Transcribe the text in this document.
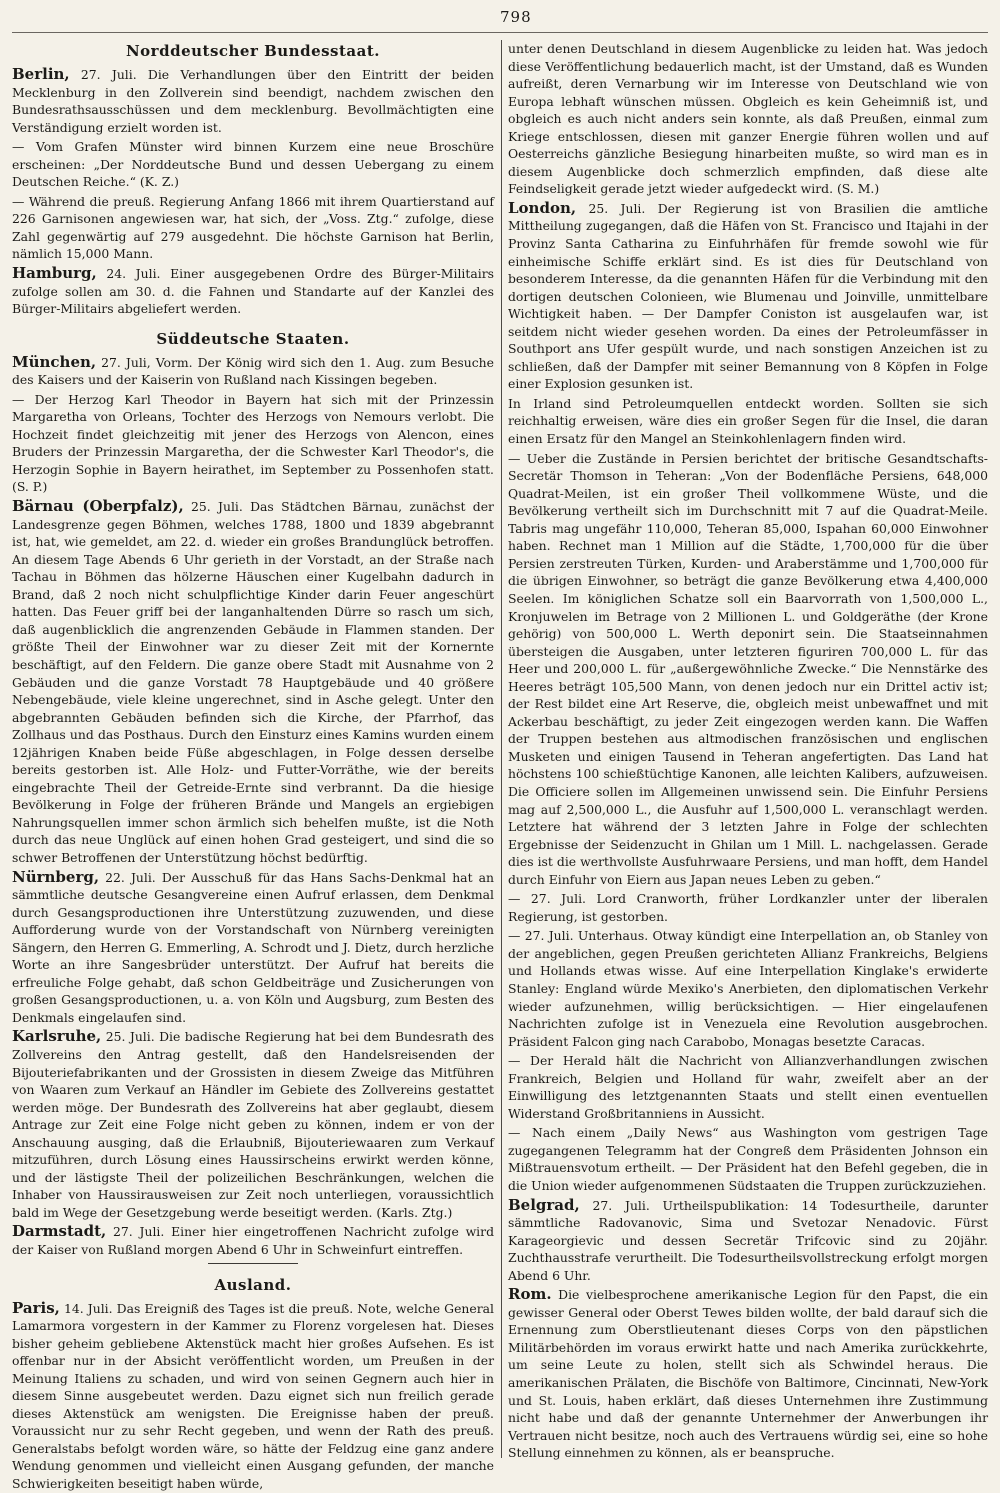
798
Norddeutscher Bundesstaat.

Berlin, 27. Juli. Die Verhandlungen über den Eintritt der beiden Mecklenburg in den Zollverein sind beendigt, nachdem zwischen den Bundesrathsausschüssen und dem mecklenburg. Bevollmächtigten eine Verständigung erzielt worden ist.

— Vom Grafen Münster wird binnen Kurzem eine neue Broschüre erscheinen: „Der Norddeutsche Bund und dessen Uebergang zu einem Deutschen Reiche.“ (K. Z.)

— Während die preuß. Regierung Anfang 1866 mit ihrem Quartierstand auf 226 Garnisonen angewiesen war, hat sich, der „Voss. Ztg.“ zufolge, diese Zahl gegenwärtig auf 279 ausgedehnt. Die höchste Garnison hat Berlin, nämlich 15,000 Mann.

Hamburg, 24. Juli. Einer ausgegebenen Ordre des Bürger-Militairs zufolge sollen am 30. d. die Fahnen und Standarte auf der Kanzlei des Bürger-Militairs abgeliefert werden.

Süddeutsche Staaten.

München, 27. Juli, Vorm. Der König wird sich den 1. Aug. zum Besuche des Kaisers und der Kaiserin von Rußland nach Kissingen begeben.

— Der Herzog Karl Theodor in Bayern hat sich mit der Prinzessin Margaretha von Orleans, Tochter des Herzogs von Nemours verlobt. Die Hochzeit findet gleichzeitig mit jener des Herzogs von Alencon, eines Bruders der Prinzessin Margaretha, der die Schwester Karl Theodor's, die Herzogin Sophie in Bayern heirathet, im September zu Possenhofen statt. (S. P.)

Bärnau (Oberpfalz), 25. Juli. Das Städtchen Bärnau, zunächst der Landesgrenze gegen Böhmen, welches 1788, 1800 und 1839 abgebrannt ist, hat, wie gemeldet, am 22. d. wieder ein großes Brandunglück betroffen. An diesem Tage Abends 6 Uhr gerieth in der Vorstadt, an der Straße nach Tachau in Böhmen das hölzerne Häuschen einer Kugelbahn dadurch in Brand, daß 2 noch nicht schulpflichtige Kinder darin Feuer angeschürt hatten. Das Feuer griff bei der langanhaltenden Dürre so rasch um sich, daß augenblicklich die angrenzenden Gebäude in Flammen standen. Der größte Theil der Einwohner war zu dieser Zeit mit der Kornernte beschäftigt, auf den Feldern. Die ganze obere Stadt mit Ausnahme von 2 Gebäuden und die ganze Vorstadt 78 Hauptgebäude und 40 größere Nebengebäude, viele kleine ungerechnet, sind in Asche gelegt. Unter den abgebrannten Gebäuden befinden sich die Kirche, der Pfarrhof, das Zollhaus und das Posthaus. Durch den Einsturz eines Kamins wurden einem 12jährigen Knaben beide Füße abgeschlagen, in Folge dessen derselbe bereits gestorben ist. Alle Holz- und Futter-Vorräthe, wie der bereits eingebrachte Theil der Getreide-Ernte sind verbrannt. Da die hiesige Bevölkerung in Folge der früheren Brände und Mangels an ergiebigen Nahrungsquellen immer schon ärmlich sich behelfen mußte, ist die Noth durch das neue Unglück auf einen hohen Grad gesteigert, und sind die so schwer Betroffenen der Unterstützung höchst bedürftig.

Nürnberg, 22. Juli. Der Ausschuß für das Hans Sachs-Denkmal hat an sämmtliche deutsche Gesangvereine einen Aufruf erlassen, dem Denkmal durch Gesangsproductionen ihre Unterstützung zuzuwenden, und diese Aufforderung wurde von der Vorstandschaft von Nürnberg vereinigten Sängern, den Herren G. Emmerling, A. Schrodt und J. Dietz, durch herzliche Worte an ihre Sangesbrüder unterstützt. Der Aufruf hat bereits die erfreuliche Folge gehabt, daß schon Geldbeiträge und Zusicherungen von großen Gesangsproductionen, u. a. von Köln und Augsburg, zum Besten des Denkmals eingelaufen sind.

Karlsruhe, 25. Juli. Die badische Regierung hat bei dem Bundesrath des Zollvereins den Antrag gestellt, daß den Handelsreisenden der Bijouteriefabrikanten und der Grossisten in diesem Zweige das Mitführen von Waaren zum Verkauf an Händler im Gebiete des Zollvereins gestattet werden möge. Der Bundesrath des Zollvereins hat aber geglaubt, diesem Antrage zur Zeit eine Folge nicht geben zu können, indem er von der Anschauung ausging, daß die Erlaubniß, Bijouteriewaaren zum Verkauf mitzuführen, durch Lösung eines Haussirscheins erwirkt werden könne, und der lästigste Theil der polizeilichen Beschränkungen, welchen die Inhaber von Haussirausweisen zur Zeit noch unterliegen, voraussichtlich bald im Wege der Gesetzgebung werde beseitigt werden. (Karls. Ztg.)

Darmstadt, 27. Juli. Einer hier eingetroffenen Nachricht zufolge wird der Kaiser von Rußland morgen Abend 6 Uhr in Schweinfurt eintreffen.

Ausland.

Paris, 14. Juli. Das Ereigniß des Tages ist die preuß. Note, welche General Lamarmora vorgestern in der Kammer zu Florenz vorgelesen hat. Dieses bisher geheim gebliebene Aktenstück macht hier großes Aufsehen. Es ist offenbar nur in der Absicht veröffentlicht worden, um Preußen in der Meinung Italiens zu schaden, und wird von seinen Gegnern auch hier in diesem Sinne ausgebeutet werden. Dazu eignet sich nun freilich gerade dieses Aktenstück am wenigsten. Die Ereignisse haben der preuß. Voraussicht nur zu sehr Recht gegeben, und wenn der Rath des preuß. Generalstabs befolgt worden wäre, so hätte der Feldzug eine ganz andere Wendung genommen und vielleicht einen Ausgang gefunden, der manche Schwierigkeiten beseitigt haben würde,

unter denen Deutschland in diesem Augenblicke zu leiden hat. Was jedoch diese Veröffentlichung bedauerlich macht, ist der Umstand, daß es Wunden aufreißt, deren Vernarbung wir im Interesse von Deutschland wie von Europa lebhaft wünschen müssen. Obgleich es kein Geheimniß ist, und obgleich es auch nicht anders sein konnte, als daß Preußen, einmal zum Kriege entschlossen, diesen mit ganzer Energie führen wollen und auf Oesterreichs gänzliche Besiegung hinarbeiten mußte, so wird man es in diesem Augenblicke doch schmerzlich empfinden, daß diese alte Feindseligkeit gerade jetzt wieder aufgedeckt wird. (S. M.)

London, 25. Juli. Der Regierung ist von Brasilien die amtliche Mittheilung zugegangen, daß die Häfen von St. Francisco und Itajahi in der Provinz Santa Catharina zu Einfuhrhäfen für fremde sowohl wie für einheimische Schiffe erklärt sind. Es ist dies für Deutschland von besonderem Interesse, da die genannten Häfen für die Verbindung mit den dortigen deutschen Colonieen, wie Blumenau und Joinville, unmittelbare Wichtigkeit haben. — Der Dampfer Coniston ist ausgelaufen war, ist seitdem nicht wieder gesehen worden. Da eines der Petroleumfässer in Southport ans Ufer gespült wurde, und nach sonstigen Anzeichen ist zu schließen, daß der Dampfer mit seiner Bemannung von 8 Köpfen in Folge einer Explosion gesunken ist.

In Irland sind Petroleumquellen entdeckt worden. Sollten sie sich reichhaltig erweisen, wäre dies ein großer Segen für die Insel, die daran einen Ersatz für den Mangel an Steinkohlenlagern finden wird.

— Ueber die Zustände in Persien berichtet der britische Gesandtschafts-Secretär Thomson in Teheran: „Von der Bodenfläche Persiens, 648,000 Quadrat-Meilen, ist ein großer Theil vollkommene Wüste, und die Bevölkerung vertheilt sich im Durchschnitt mit 7 auf die Quadrat-Meile. Tabris mag ungefähr 110,000, Teheran 85,000, Ispahan 60,000 Einwohner haben. Rechnet man 1 Million auf die Städte, 1,700,000 für die über Persien zerstreuten Türken, Kurden- und Araberstämme und 1,700,000 für die übrigen Einwohner, so beträgt die ganze Bevölkerung etwa 4,400,000 Seelen. Im königlichen Schatze soll ein Baarvorrath von 1,500,000 L., Kronjuwelen im Betrage von 2 Millionen L. und Goldgeräthe (der Krone gehörig) von 500,000 L. Werth deponirt sein. Die Staatseinnahmen übersteigen die Ausgaben, unter letzteren figuriren 700,000 L. für das Heer und 200,000 L. für „außergewöhnliche Zwecke.“ Die Nennstärke des Heeres beträgt 105,500 Mann, von denen jedoch nur ein Drittel activ ist; der Rest bildet eine Art Reserve, die, obgleich meist unbewaffnet und mit Ackerbau beschäftigt, zu jeder Zeit eingezogen werden kann. Die Waffen der Truppen bestehen aus altmodischen französischen und englischen Musketen und einigen Tausend in Teheran angefertigten. Das Land hat höchstens 100 schießtüchtige Kanonen, alle leichten Kalibers, aufzuweisen. Die Officiere sollen im Allgemeinen unwissend sein. Die Einfuhr Persiens mag auf 2,500,000 L., die Ausfuhr auf 1,500,000 L. veranschlagt werden. Letztere hat während der 3 letzten Jahre in Folge der schlechten Ergebnisse der Seidenzucht in Ghilan um 1 Mill. L. nachgelassen. Gerade dies ist die werthvollste Ausfuhrwaare Persiens, und man hofft, dem Handel durch Einfuhr von Eiern aus Japan neues Leben zu geben.“

— 27. Juli. Lord Cranworth, früher Lordkanzler unter der liberalen Regierung, ist gestorben.

— 27. Juli. Unterhaus. Otway kündigt eine Interpellation an, ob Stanley von der angeblichen, gegen Preußen gerichteten Allianz Frankreichs, Belgiens und Hollands etwas wisse. Auf eine Interpellation Kinglake's erwiderte Stanley: England würde Mexiko's Anerbieten, den diplomatischen Verkehr wieder aufzunehmen, willig berücksichtigen. — Hier eingelaufenen Nachrichten zufolge ist in Venezuela eine Revolution ausgebrochen. Präsident Falcon ging nach Carabobo, Monagas besetzte Caracas.

— Der Herald hält die Nachricht von Allianzverhandlungen zwischen Frankreich, Belgien und Holland für wahr, zweifelt aber an der Einwilligung des letztgenannten Staats und stellt einen eventuellen Widerstand Großbritanniens in Aussicht.

— Nach einem „Daily News“ aus Washington vom gestrigen Tage zugegangenen Telegramm hat der Congreß dem Präsidenten Johnson ein Mißtrauensvotum ertheilt. — Der Präsident hat den Befehl gegeben, die in die Union wieder aufgenommenen Südstaaten die Truppen zurückzuziehen.

Belgrad, 27. Juli. Urtheilspublikation: 14 Todesurtheile, darunter sämmtliche Radovanovic, Sima und Svetozar Nenadovic. Fürst Karageorgievic und dessen Secretär Trifcovic sind zu 20jähr. Zuchthausstrafe verurtheilt. Die Todesurtheilsvollstreckung erfolgt morgen Abend 6 Uhr.

Rom. Die vielbesprochene amerikanische Legion für den Papst, die ein gewisser General oder Oberst Tewes bilden wollte, der bald darauf sich die Ernennung zum Oberstlieutenant dieses Corps von den päpstlichen Militärbehörden im voraus erwirkt hatte und nach Amerika zurückkehrte, um seine Leute zu holen, stellt sich als Schwindel heraus. Die amerikanischen Prälaten, die Bischöfe von Baltimore, Cincinnati, New-York und St. Louis, haben erklärt, daß dieses Unternehmen ihre Zustimmung nicht habe und daß der genannte Unternehmer der Anwerbungen ihr Vertrauen nicht besitze, noch auch des Vertrauens würdig sei, eine so hohe Stellung einnehmen zu können, als er beanspruche.
